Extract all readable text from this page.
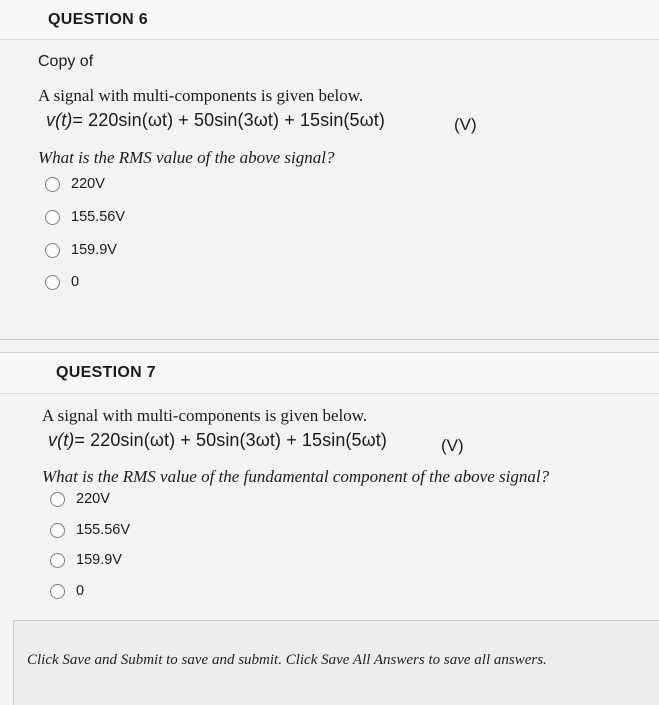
QUESTION 6
Copy of
A signal with multi-components is given below.
v(t)= 220sin(ωt) + 50sin(3ωt) + 15sin(5ωt)	(V)
What is the RMS value of the above signal?
220V
155.56V
159.9V
0
QUESTION 7
A signal with multi-components is given below.
v(t)= 220sin(ωt) + 50sin(3ωt) + 15sin(5ωt)	(V)
What is the RMS value of the fundamental component of the above signal?
220V
155.56V
159.9V
0
Click Save and Submit to save and submit. Click Save All Answers to save all answers.
